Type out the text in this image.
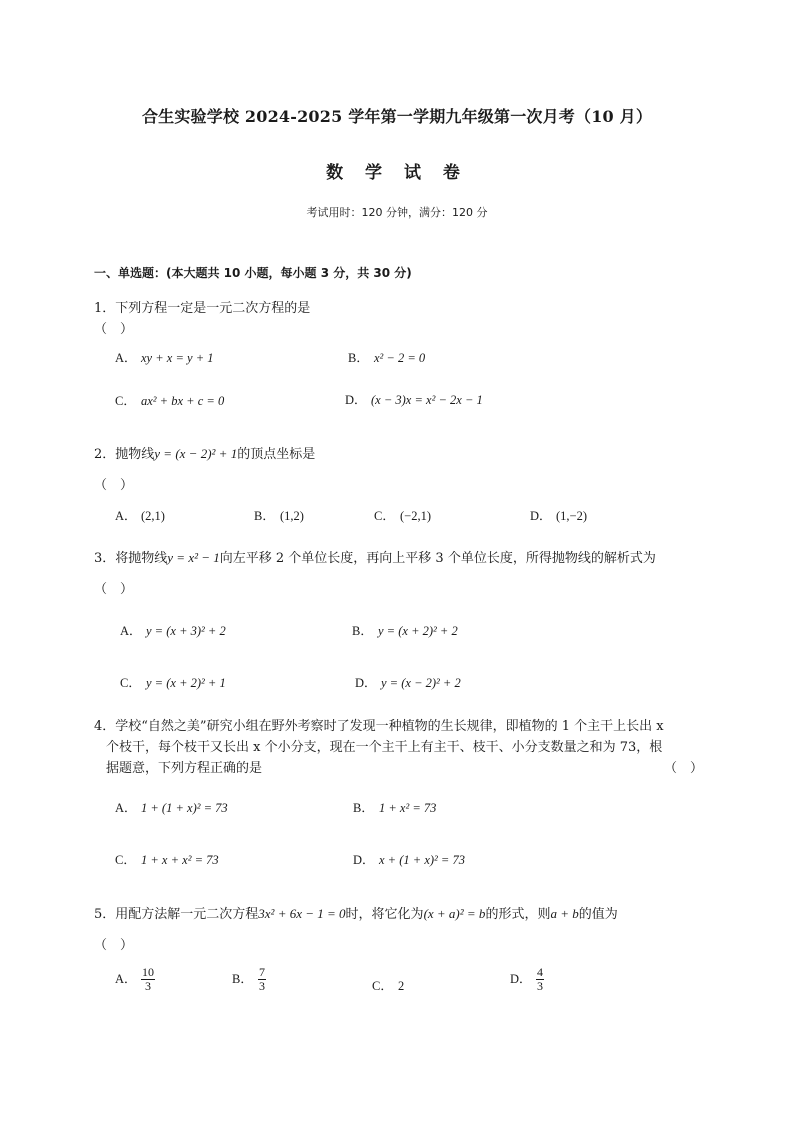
合生实验学校 2024-2025 学年第一学期九年级第一次月考（10 月）
数 学 试 卷
考试用时：120 分钟，满分：120 分
一、单选题：(本大题共 10 小题，每小题 3 分，共 30 分)
1．下列方程一定是一元二次方程的是
（　）
A． xy + x = y + 1	B． x² − 2 = 0
C． ax² + bx + c = 0	D． (x − 3)x = x² − 2x − 1
2．抛物线y = (x − 2)² + 1的顶点坐标是
（　）
A． (2,1)	B． (1,2)	C． (−2,1)	D． (1,−2)
3．将抛物线y = x² − 1向左平移 2 个单位长度，再向上平移 3 个单位长度，所得抛物线的解析式为
（　）
A． y = (x + 3)² + 2	B． y = (x + 2)² + 2
C． y = (x + 2)² + 1	D． y = (x − 2)² + 2
4．学校“自然之美”研究小组在野外考察时了发现一种植物的生长规律，即植物的 1 个主干上长出 x
个枝干，每个枝干又长出 x 个小分支，现在一个主干上有主干、枝干、小分支数量之和为 73，根
据题意，下列方程正确的是	（　）
A． 1 + (1 + x)² = 73	B． 1 + x² = 73
C． 1 + x + x² = 73	D． x + (1 + x)² = 73
5．用配方法解一元二次方程3x² + 6x − 1 = 0时，将它化为(x + a)² = b的形式，则a + b的值为
（　）
A． $\frac{10}{3}$	B． $\frac{7}{3}$	C． 2	D． $\frac{4}{3}$
